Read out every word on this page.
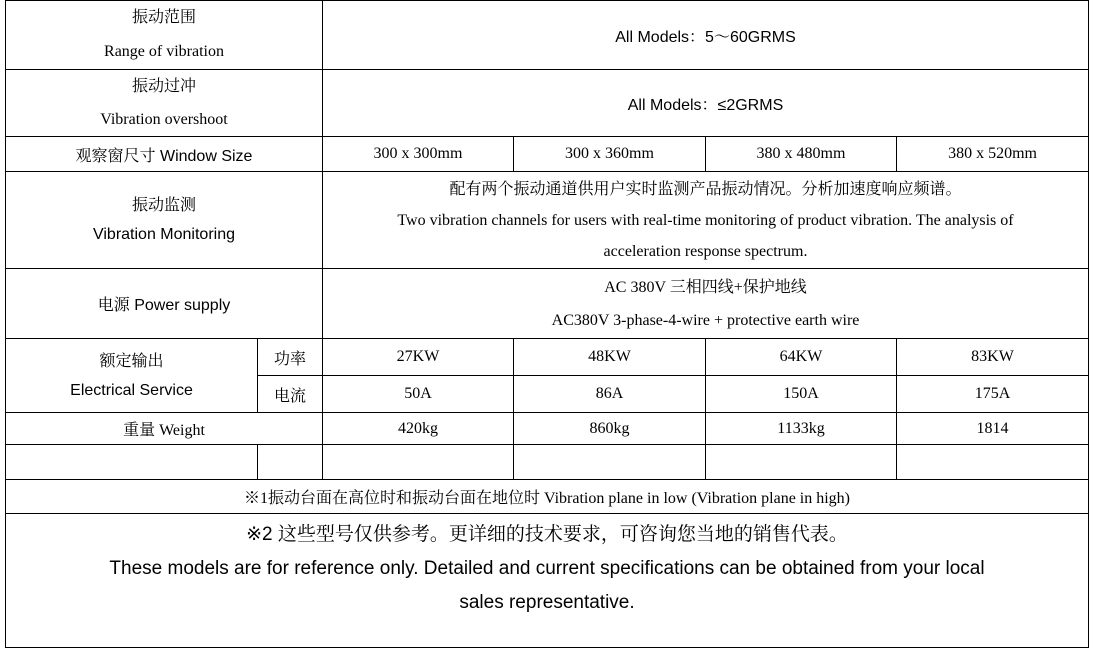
振动范围
Range of vibration		All Models：5～60GRMS			

振动过冲
Vibration overshoot		All Models：≤2GRMS			
观察窗尺寸 Window Size		300 x 300mm	300 x 360mm	380 x 480mm	380 x 520mm

振动监测
Vibration Monitoring		配有两个振动通道供用户实时监测产品振动情况。分析加速度响应频谱。
Two vibration channels for users with real-time monitoring of product vibration. The analysis of
acceleration response spectrum.			

电源 Power supply		AC 380V 三相四线+保护地线
AC380V 3-phase-4-wire + protective earth wire			

额定输出
Electrical Service	功率	27KW	48KW	64KW	83KW
	电流	50A	86A	150A	175A
重量 Weight		420kg	860kg	1133kg	1814

※1振动台面在高位时和振动台面在地位时 Vibration plane in low (Vibration plane in high)					

※2 这些型号仅供参考。更详细的技术要求，可咨询您当地的销售代表。
These models are for reference only. Detailed and current specifications can be obtained from your local
sales representative.					
